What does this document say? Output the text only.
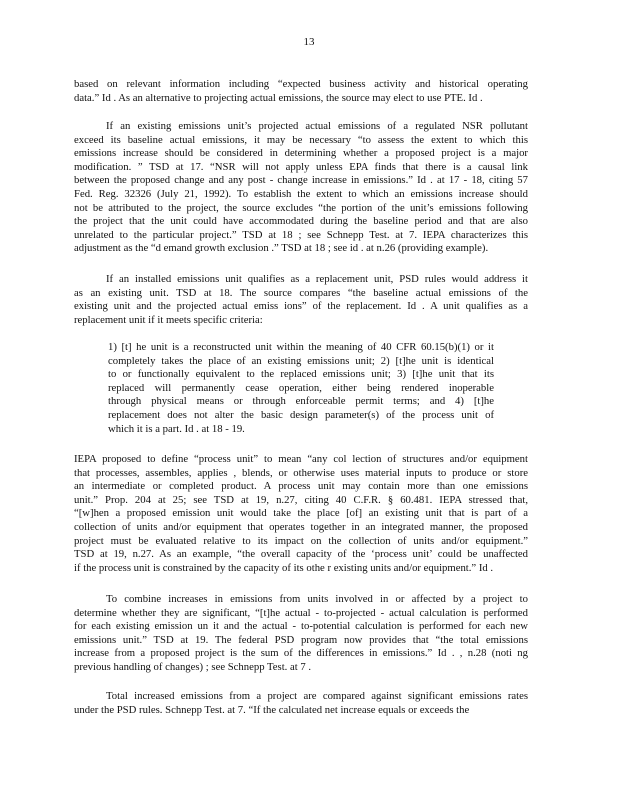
13

based on relevant information including “expected business activity and historical operating
data.” Id . As an alternative to projecting actual emissions, the source may elect to use PTE. Id .

If an existing emissions unit’s projected actual emissions of a regulated NSR pollutant
exceed its baseline actual emissions, it may be necessary “to assess the extent to which this
emissions increase should be considered in determining whether a proposed project is a major
modification. ” TSD at 17. “NSR will not apply unless EPA finds that there is a causal link
between the proposed change and any post - change increase in emissions.” Id . at 17 - 18, citing 57
Fed. Reg. 32326 (July 21, 1992). To establish the extent to which an emissions increase should
not be attributed to the project, the source excludes “the portion of the unit’s emissions following
the project that the unit could have accommodated during the baseline period and that are also
unrelated to the particular project.” TSD at 18 ; see Schnepp Test. at 7. IEPA characterizes this
adjustment as the “d emand growth exclusion .” TSD at 18 ; see id . at n.26 (providing example).

If an installed emissions unit qualifies as a replacement unit, PSD rules would address it
as an existing unit. TSD at 18. The source compares “the baseline actual emissions of the
existing unit and the projected actual emiss ions” of the replacement. Id . A unit qualifies as a
replacement unit if it meets specific criteria:

1) [t] he unit is a reconstructed unit within the meaning of 40 CFR 60.15(b)(1) or it
completely takes the place of an existing emissions unit; 2) [t]he unit is identical
to or functionally equivalent to the replaced emissions unit; 3) [t]he unit that its
replaced will permanently cease operation, either being rendered inoperable
through physical means or through enforceable permit terms; and 4) [t]he
replacement does not alter the basic design parameter(s) of the process unit of
which it is a part. Id . at 18 - 19.

IEPA proposed to define “process unit” to mean “any col lection of structures and/or equipment
that processes, assembles, applies , blends, or otherwise uses material inputs to produce or store
an intermediate or completed product. A process unit may contain more than one emissions
unit.” Prop. 204 at 25; see TSD at 19, n.27, citing 40 C.F.R. § 60.481. IEPA stressed that,
“[w]hen a proposed emission unit would take the place [of] an existing unit that is part of a
collection of units and/or equipment that operates together in an integrated manner, the proposed
project must be evaluated relative to its impact on the collection of units and/or equipment.”
TSD at 19, n.27. As an example, “the overall capacity of the ‘process unit’ could be unaffected
if the process unit is constrained by the capacity of its othe r existing units and/or equipment.” Id .

To combine increases in emissions from units involved in or affected by a project to
determine whether they are significant, “[t]he actual - to-projected - actual calculation is performed
for each existing emission un it and the actual - to-potential calculation is performed for each new
emissions unit.” TSD at 19. The federal PSD program now provides that “the total emissions
increase from a proposed project is the sum of the differences in emissions.” Id . , n.28 (noti ng
previous handling of changes) ; see Schnepp Test. at 7 .

Total increased emissions from a project are compared against significant emissions rates
under the PSD rules. Schnepp Test. at 7. “If the calculated net increase equals or exceeds the
